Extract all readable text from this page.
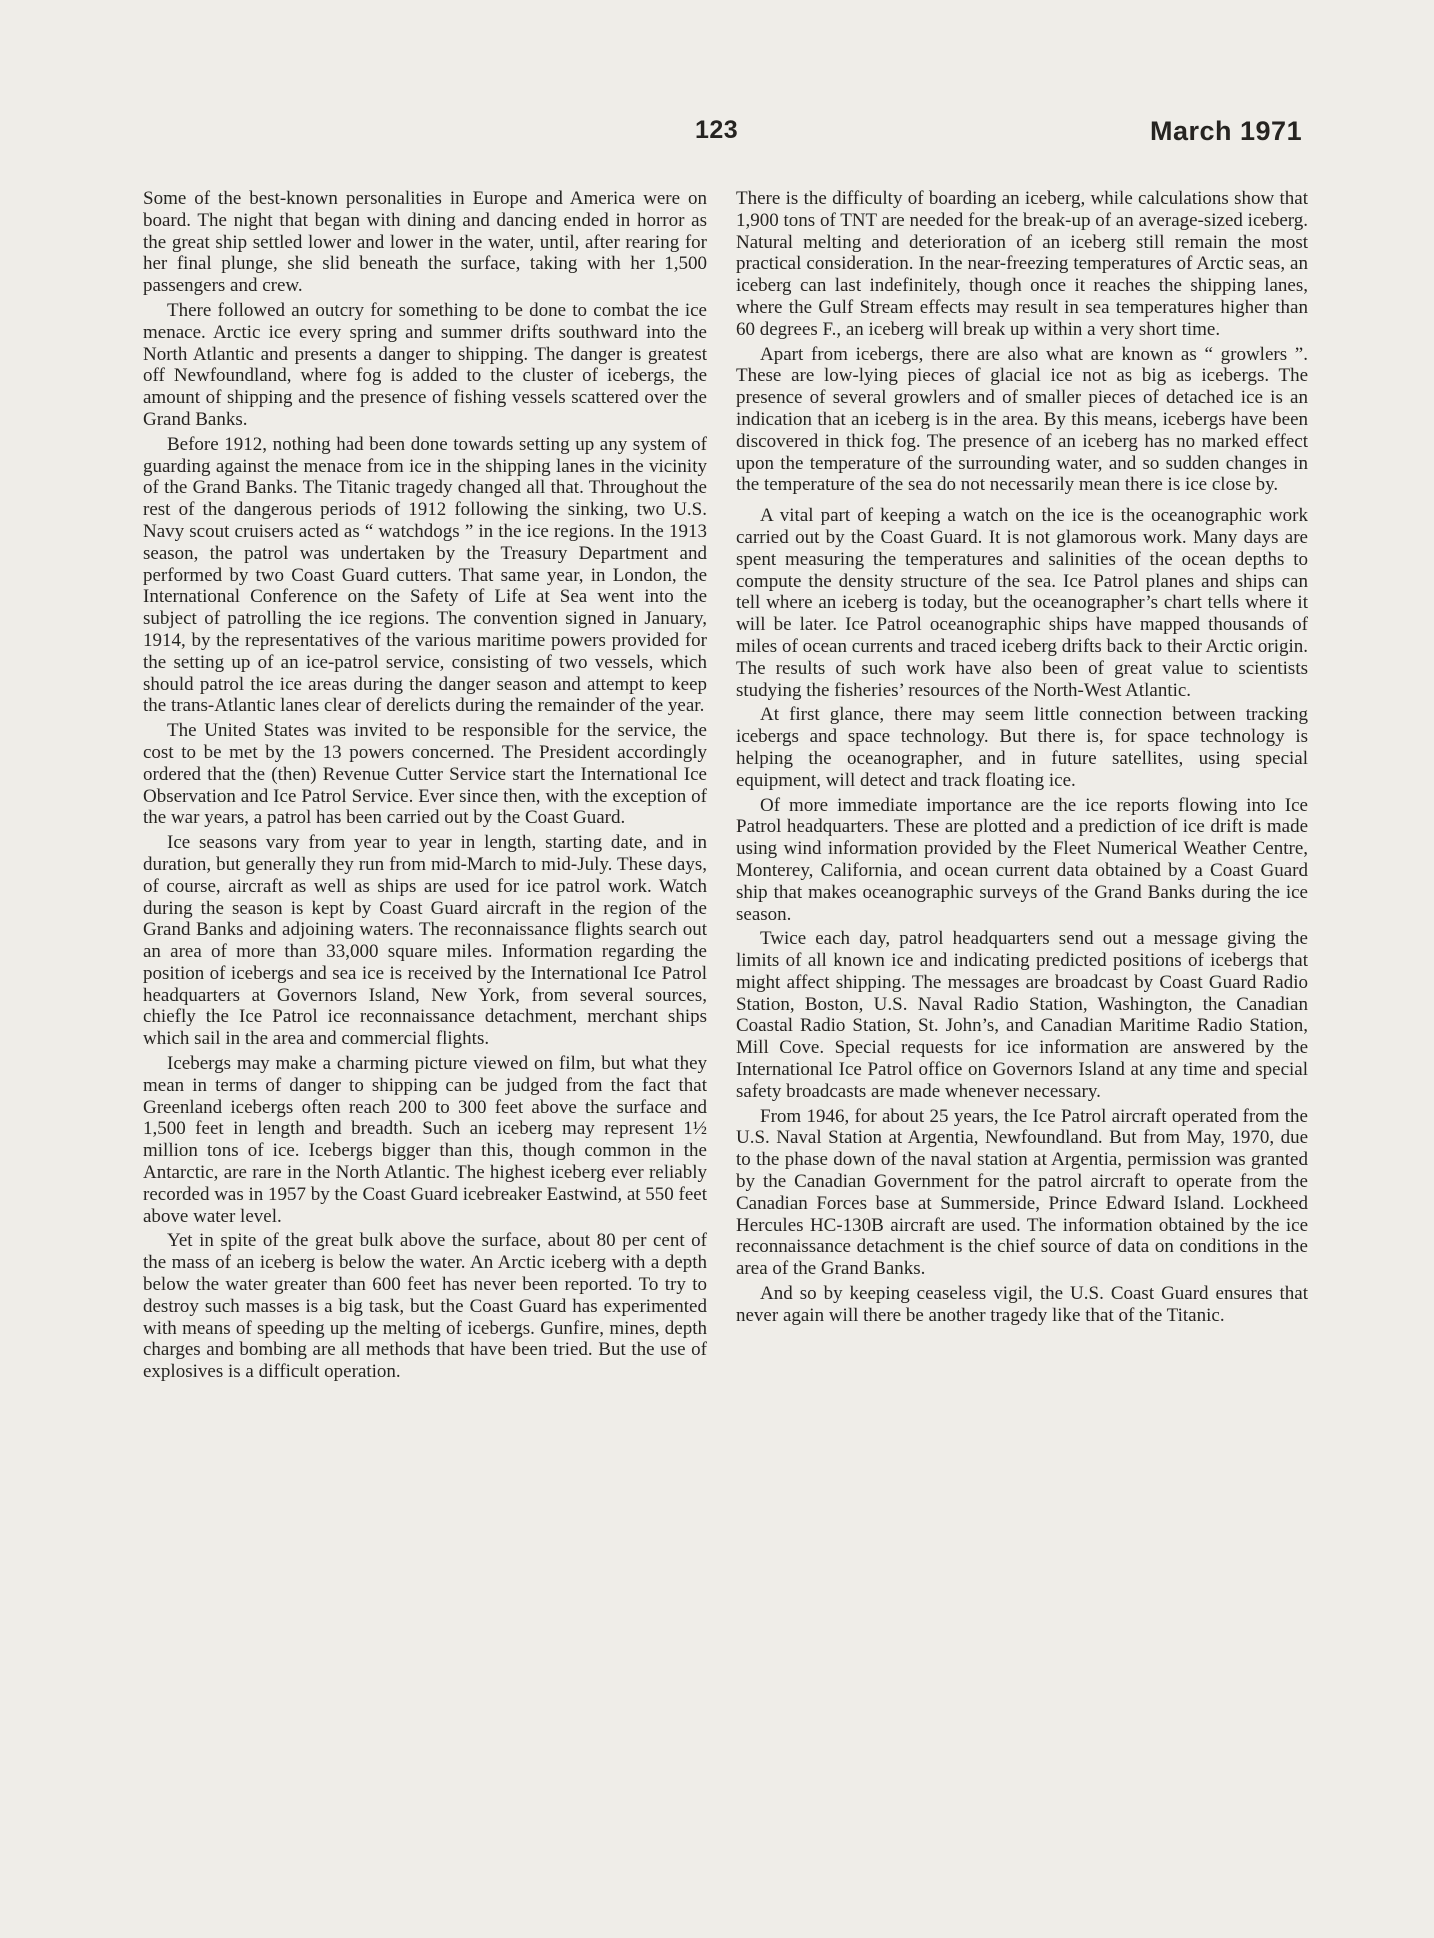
123	March 1971

Some of the best-known personalities in Europe and America were on board. The night that began with dining and dancing ended in horror as the great ship settled lower and lower in the water, until, after rearing for her final plunge, she slid beneath the surface, taking with her 1,500 passengers and crew.

There followed an outcry for something to be done to combat the ice menace. Arctic ice every spring and summer drifts southward into the North Atlantic and presents a danger to shipping. The danger is greatest off Newfoundland, where fog is added to the cluster of icebergs, the amount of shipping and the presence of fishing vessels scattered over the Grand Banks.

Before 1912, nothing had been done towards setting up any system of guarding against the menace from ice in the shipping lanes in the vicinity of the Grand Banks. The Titanic tragedy changed all that. Throughout the rest of the dangerous periods of 1912 following the sinking, two U.S. Navy scout cruisers acted as “ watchdogs ” in the ice regions. In the 1913 season, the patrol was undertaken by the Treasury Department and performed by two Coast Guard cutters. That same year, in London, the International Conference on the Safety of Life at Sea went into the subject of patrolling the ice regions. The convention signed in January, 1914, by the representatives of the various maritime powers provided for the setting up of an ice-patrol service, consisting of two vessels, which should patrol the ice areas during the danger season and attempt to keep the trans-Atlantic lanes clear of derelicts during the remainder of the year.

The United States was invited to be responsible for the service, the cost to be met by the 13 powers concerned. The President accordingly ordered that the (then) Revenue Cutter Service start the International Ice Observation and Ice Patrol Service. Ever since then, with the exception of the war years, a patrol has been carried out by the Coast Guard.

Ice seasons vary from year to year in length, starting date, and in duration, but generally they run from mid-March to mid-July. These days, of course, aircraft as well as ships are used for ice patrol work. Watch during the season is kept by Coast Guard aircraft in the region of the Grand Banks and adjoining waters. The reconnaissance flights search out an area of more than 33,000 square miles. Information regarding the position of icebergs and sea ice is received by the International Ice Patrol headquarters at Governors Island, New York, from several sources, chiefly the Ice Patrol ice reconnaissance detachment, merchant ships which sail in the area and commercial flights.

Icebergs may make a charming picture viewed on film, but what they mean in terms of danger to shipping can be judged from the fact that Greenland icebergs often reach 200 to 300 feet above the surface and 1,500 feet in length and breadth. Such an iceberg may represent 1½ million tons of ice. Icebergs bigger than this, though common in the Antarctic, are rare in the North Atlantic. The highest iceberg ever reliably recorded was in 1957 by the Coast Guard icebreaker Eastwind, at 550 feet above water level.

Yet in spite of the great bulk above the surface, about 80 per cent of the mass of an iceberg is below the water. An Arctic iceberg with a depth below the water greater than 600 feet has never been reported. To try to destroy such masses is a big task, but the Coast Guard has experimented with means of speeding up the melting of icebergs. Gunfire, mines, depth charges and bombing are all methods that have been tried. But the use of explosives is a difficult operation.

There is the difficulty of boarding an iceberg, while calculations show that 1,900 tons of TNT are needed for the break-up of an average-sized iceberg. Natural melting and deterioration of an iceberg still remain the most practical consideration. In the near-freezing temperatures of Arctic seas, an iceberg can last indefinitely, though once it reaches the shipping lanes, where the Gulf Stream effects may result in sea temperatures higher than 60 degrees F., an iceberg will break up within a very short time.

Apart from icebergs, there are also what are known as “ growlers ”. These are low-lying pieces of glacial ice not as big as icebergs. The presence of several growlers and of smaller pieces of detached ice is an indication that an iceberg is in the area. By this means, icebergs have been discovered in thick fog. The presence of an iceberg has no marked effect upon the temperature of the surrounding water, and so sudden changes in the temperature of the sea do not necessarily mean there is ice close by.

A vital part of keeping a watch on the ice is the oceanographic work carried out by the Coast Guard. It is not glamorous work. Many days are spent measuring the temperatures and salinities of the ocean depths to compute the density structure of the sea. Ice Patrol planes and ships can tell where an iceberg is today, but the oceanographer’s chart tells where it will be later. Ice Patrol oceanographic ships have mapped thousands of miles of ocean currents and traced iceberg drifts back to their Arctic origin. The results of such work have also been of great value to scientists studying the fisheries’ resources of the North-West Atlantic.

At first glance, there may seem little connection between tracking icebergs and space technology. But there is, for space technology is helping the oceanographer, and in future satellites, using special equipment, will detect and track floating ice.

Of more immediate importance are the ice reports flowing into Ice Patrol headquarters. These are plotted and a prediction of ice drift is made using wind information provided by the Fleet Numerical Weather Centre, Monterey, California, and ocean current data obtained by a Coast Guard ship that makes oceanographic surveys of the Grand Banks during the ice season.

Twice each day, patrol headquarters send out a message giving the limits of all known ice and indicating predicted positions of icebergs that might affect shipping. The messages are broadcast by Coast Guard Radio Station, Boston, U.S. Naval Radio Station, Washington, the Canadian Coastal Radio Station, St. John’s, and Canadian Maritime Radio Station, Mill Cove. Special requests for ice information are answered by the International Ice Patrol office on Governors Island at any time and special safety broadcasts are made whenever necessary.

From 1946, for about 25 years, the Ice Patrol aircraft operated from the U.S. Naval Station at Argentia, Newfoundland. But from May, 1970, due to the phase down of the naval station at Argentia, permission was granted by the Canadian Government for the patrol aircraft to operate from the Canadian Forces base at Summerside, Prince Edward Island. Lockheed Hercules HC-130B aircraft are used. The information obtained by the ice reconnaissance detachment is the chief source of data on conditions in the area of the Grand Banks.

And so by keeping ceaseless vigil, the U.S. Coast Guard ensures that never again will there be another tragedy like that of the Titanic.
